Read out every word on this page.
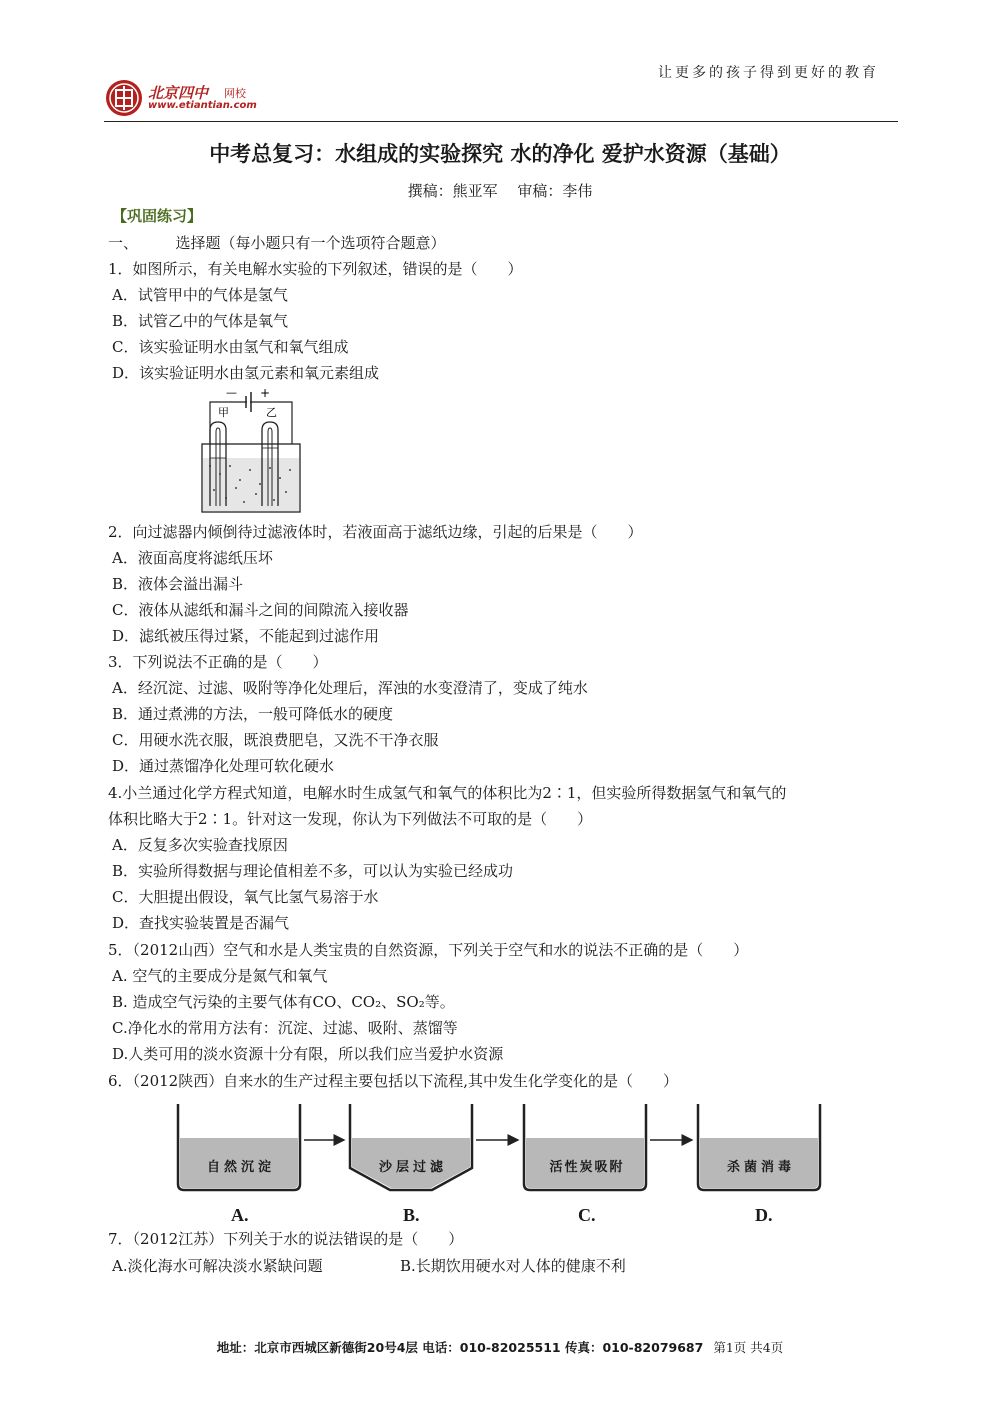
让更多的孩子得到更好的教育
北京四中 网校
www.etiantian.com
中考总复习：水组成的实验探究 水的净化 爱护水资源（基础）
撰稿：熊亚军　 审稿：李伟
【巩固练习】
一、　　　选择题（每小题只有一个选项符合题意）
1．如图所示，有关电解水实验的下列叙述，错误的是（　　）
A．试管甲中的气体是氢气
B．试管乙中的气体是氧气
C．该实验证明水由氢气和氧气组成
D．该实验证明水由氢元素和氧元素组成
— +
甲	乙
2．向过滤器内倾倒待过滤液体时，若液面高于滤纸边缘，引起的后果是（　　）
A．液面高度将滤纸压坏
B．液体会溢出漏斗
C．液体从滤纸和漏斗之间的间隙流入接收器
D．滤纸被压得过紧，不能起到过滤作用
3．下列说法不正确的是（　　）
A．经沉淀、过滤、吸附等净化处理后，浑浊的水变澄清了，变成了纯水
B．通过煮沸的方法，一般可降低水的硬度
C．用硬水洗衣服，既浪费肥皂，又洗不干净衣服
D．通过蒸馏净化处理可软化硬水
4.小兰通过化学方程式知道，电解水时生成氢气和氧气的体积比为2∶1，但实验所得数据氢气和氧气的
体积比略大于2∶1。针对这一发现，你认为下列做法不可取的是（　　）
A．反复多次实验查找原因
B．实验所得数据与理论值相差不多，可以认为实验已经成功
C．大胆提出假设，氧气比氢气易溶于水
D．查找实验装置是否漏气
5．（2012山西）空气和水是人类宝贵的自然资源，下列关于空气和水的说法不正确的是（　　）
A. 空气的主要成分是氮气和氧气
B. 造成空气污染的主要气体有CO、CO₂、SO₂等。
C.净化水的常用方法有：沉淀、过滤、吸附、蒸馏等
D.人类可用的淡水资源十分有限，所以我们应当爱护水资源
6．（2012陕西）自来水的生产过程主要包括以下流程,其中发生化学变化的是（　　）
自然沉淀	沙层过滤	活性炭吸附	杀菌消毒
A.	B.	C.	D.
7．（2012江苏）下列关于水的说法错误的是（　　）
A.淡化海水可解决淡水紧缺问题	B.长期饮用硬水对人体的健康不利
地址：北京市西城区新德街20号4层 电话：010-82025511 传真：010-82079687 第1页 共4页
